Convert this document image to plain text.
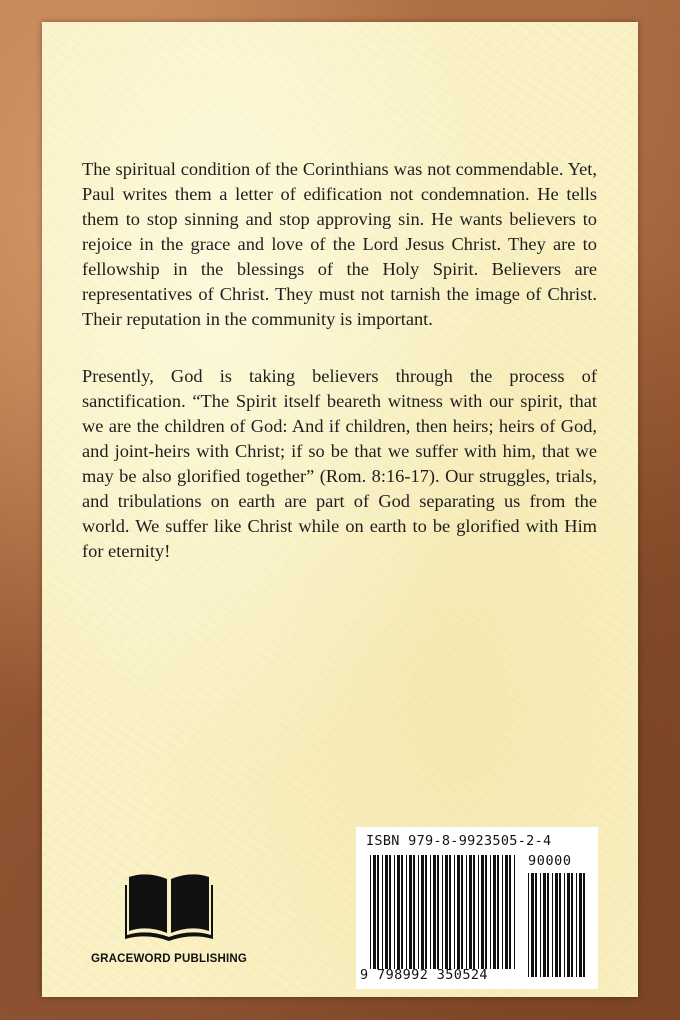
The spiritual condition of the Corinthians was not commendable. Yet, Paul writes them a letter of edification not condemnation. He tells them to stop sinning and stop approving sin. He wants believers to rejoice in the grace and love of the Lord Jesus Christ. They are to fellowship in the blessings of the Holy Spirit. Believers are representatives of Christ. They must not tarnish the image of Christ. Their reputation in the community is important.

Presently, God is taking believers through the process of sanctification. “The Spirit itself beareth witness with our spirit, that we are the children of God: And if children, then heirs; heirs of God, and joint-heirs with Christ; if so be that we suffer with him, that we may be also glorified together” (Rom. 8:16-17). Our struggles, trials, and tribulations on earth are part of God separating us from the world. We suffer like Christ while on earth to be glorified with Him for eternity!

GRACEWORD PUBLISHING
ISBN 979-8-9923505-2-4
90000
9 798992 350524
